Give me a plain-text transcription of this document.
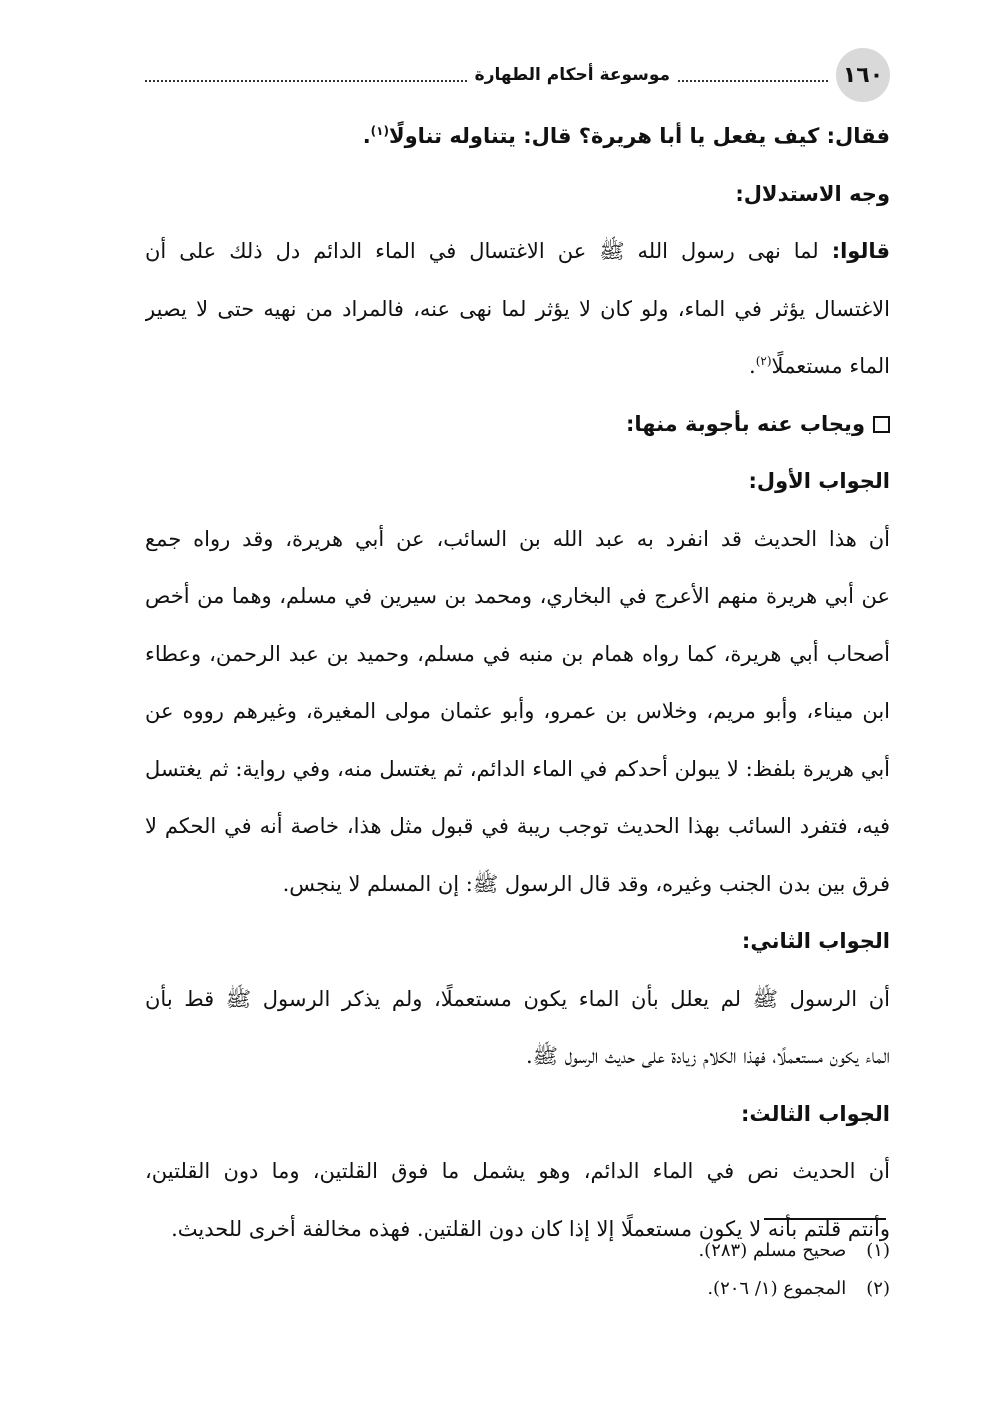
١٦٠
موسوعة أحكام الطهارة
فقال: كيف يفعل يا أبا هريرة؟ قال: يتناوله تناولًا$^{(١)}$.
وجه الاستدلال:
قالوا: لما نهى رسول الله ﷺ عن الاغتسال في الماء الدائم دل ذلك على أن
الاغتسال يؤثر في الماء، ولو كان لا يؤثر لما نهى عنه، فالمراد من نهيه حتى لا يصير
الماء مستعملًا$^{(٢)}$.
ويجاب عنه بأجوبة منها:
الجواب الأول:
أن هذا الحديث قد انفرد به عبد الله بن السائب، عن أبي هريرة، وقد رواه جمع
عن أبي هريرة منهم الأعرج في البخاري، ومحمد بن سيرين في مسلم، وهما من أخص
أصحاب أبي هريرة، كما رواه همام بن منبه في مسلم، وحميد بن عبد الرحمن، وعطاء
ابن ميناء، وأبو مريم، وخلاس بن عمرو، وأبو عثمان مولى المغيرة، وغيرهم رووه عن
أبي هريرة بلفظ: لا يبولن أحدكم في الماء الدائم، ثم يغتسل منه، وفي رواية: ثم يغتسل
فيه، فتفرد السائب بهذا الحديث توجب ريبة في قبول مثل هذا، خاصة أنه في الحكم لا
فرق بين بدن الجنب وغيره، وقد قال الرسول ﷺ: إن المسلم لا ينجس.
الجواب الثاني:
أن الرسول ﷺ لم يعلل بأن الماء يكون مستعملًا، ولم يذكر الرسول ﷺ قط بأن
الماء يكون مستعملًا، فهذا الكلام زيادة على حديث الرسول ﷺ.
الجواب الثالث:
أن الحديث نص في الماء الدائم، وهو يشمل ما فوق القلتين، وما دون القلتين،
وأنتم قلتم بأنه لا يكون مستعملًا إلا إذا كان دون القلتين. فهذه مخالفة أخرى للحديث.
(١) صحيح مسلم (٢٨٣).
(٢) المجموع (١/ ٢٠٦).
